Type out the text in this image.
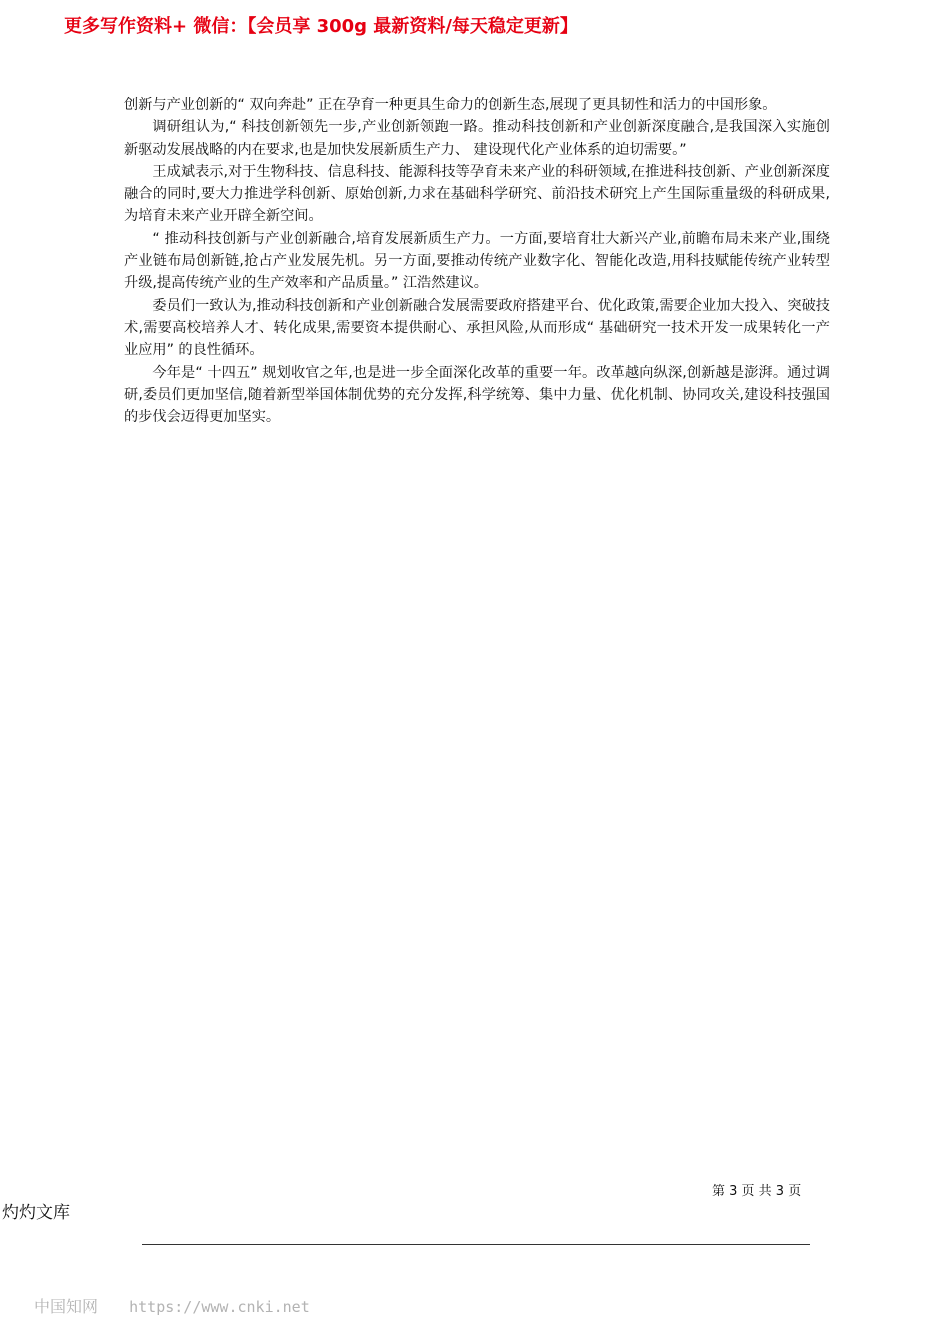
更多写作资料+ 微信：【会员享 300g 最新资料/每天稳定更新】

创新与产业创新的“ 双向奔赴” 正在孕育一种更具生命力的创新生态,展现了更具韧性和活力的中国形象。

调研组认为,“ 科技创新领先一步,产业创新领跑一路。推动科技创新和产业创新深度融合,是我国深入实施创新驱动发展战略的内在要求,也是加快发展新质生产力、 建设现代化产业体系的迫切需要。”

王成斌表示,对于生物科技、信息科技、能源科技等孕育未来产业的科研领域,在推进科技创新、产业创新深度融合的同时,要大力推进学科创新、原始创新,力求在基础科学研究、前沿技术研究上产生国际重量级的科研成果,为培育未来产业开辟全新空间。

“ 推动科技创新与产业创新融合,培育发展新质生产力。一方面,要培育壮大新兴产业,前瞻布局未来产业,围绕产业链布局创新链,抢占产业发展先机。另一方面,要推动传统产业数字化、智能化改造,用科技赋能传统产业转型升级,提高传统产业的生产效率和产品质量。” 江浩然建议。

委员们一致认为,推动科技创新和产业创新融合发展需要政府搭建平台、优化政策,需要企业加大投入、突破技术,需要高校培养人才、转化成果,需要资本提供耐心、承担风险,从而形成“ 基础研究一技术开发一成果转化一产业应用” 的良性循环。

今年是“ 十四五” 规划收官之年,也是进一步全面深化改革的重要一年。改革越向纵深,创新越是澎湃。通过调研,委员们更加坚信,随着新型举国体制优势的充分发挥,科学统筹、集中力量、优化机制、协同攻关,建设科技强国的步伐会迈得更加坚实。

第 3 页 共 3 页
灼灼文库
中国知网 https://www.cnki.net
